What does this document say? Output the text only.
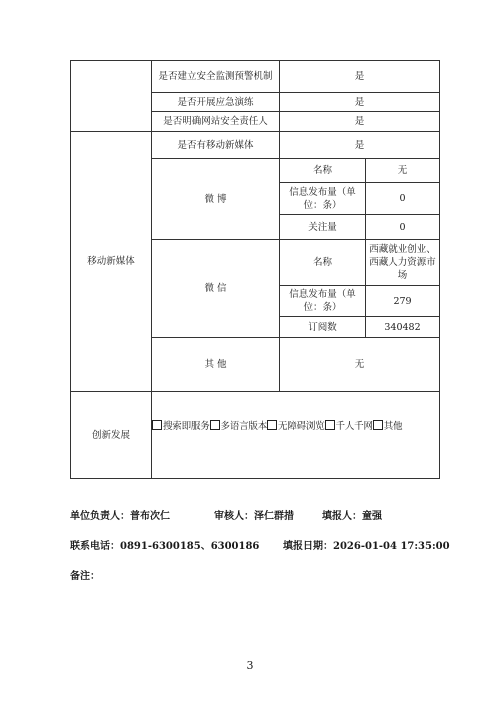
	是否建立安全监测预警机制	是	
	是否开展应急演练	是	
	是否明确网站安全责任人	是	
移动新媒体	是否有移动新媒体	是	
	微 博	名称	无
		信息发布量（单位：条）	0
		关注量	0
	微 信	名称	西藏就业创业、西藏人力资源市场
		信息发布量（单位：条）	279
		订阅数	340482
	其 他	无	
创新发展	搜索即服务 多语言版本 无障碍浏览 千人千网 其他		
单位负责人：普布次仁	审核人：泽仁群措	填报人：童强
联系电话：0891-6300185、6300186 填报日期：2026-01-04 17:35:00
备注：
3
